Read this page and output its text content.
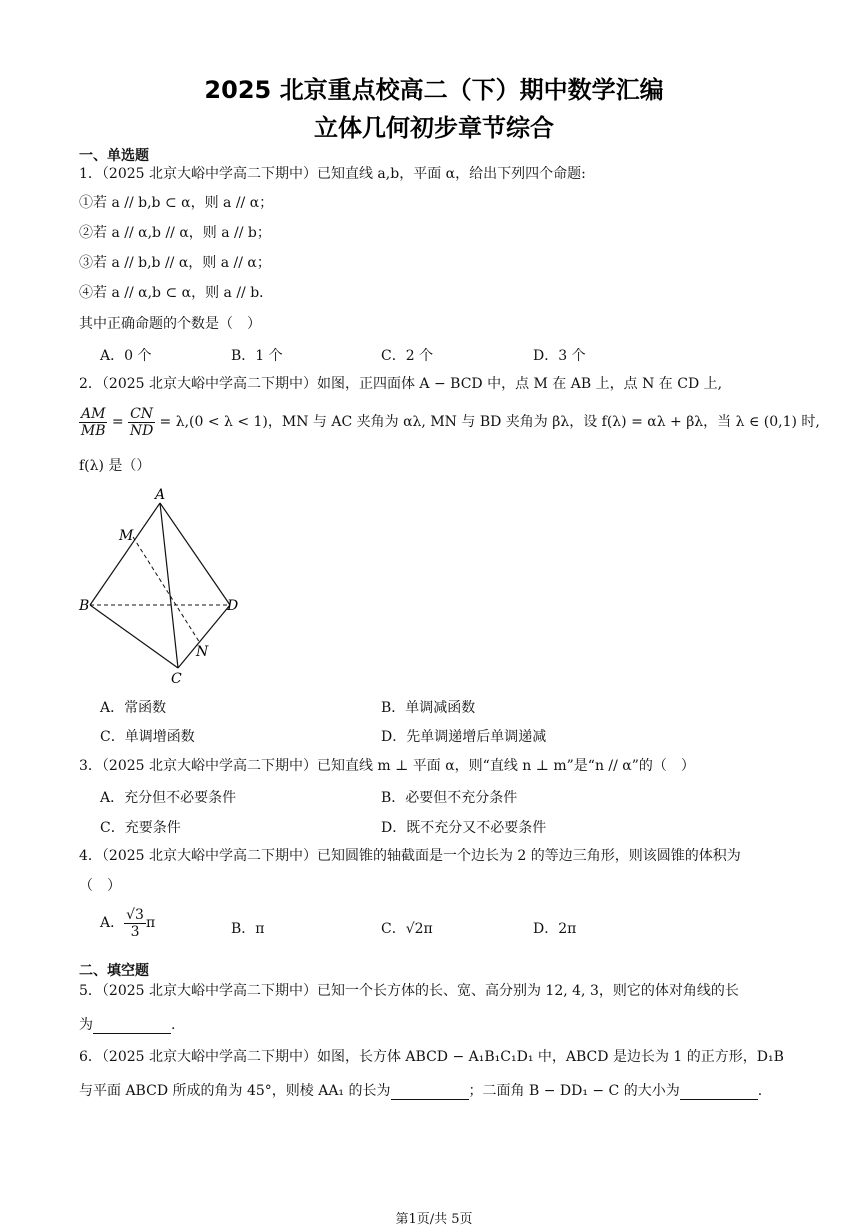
2025 北京重点校高二（下）期中数学汇编
立体几何初步章节综合
一、单选题
1．（2025 北京大峪中学高二下期中）已知直线 a,b，平面 α，给出下列四个命题:
①若 a // b,b ⊂ α，则 a // α；
②若 a // α,b // α，则 a // b；
③若 a // b,b // α，则 a // α；
④若 a // α,b ⊂ α，则 a // b．
其中正确命题的个数是（　）
A．0 个	B．1 个	C．2 个	D．3 个
2．（2025 北京大峪中学高二下期中）如图，正四面体 A − BCD 中，点 M 在 AB 上，点 N 在 CD 上,
$\frac{AM}{MB} = \frac{CN}{ND} = \lambda,(0 < \lambda < 1)$，MN 与 AC 夹角为 αλ, MN 与 BD 夹角为 βλ，设 f(λ) = αλ + βλ，当 λ ∈ (0,1) 时,
f(λ) 是（）
A
M
B	D
N
C
A．常函数	B．单调减函数
C．单调增函数	D．先单调递增后单调递减
3．（2025 北京大峪中学高二下期中）已知直线 m ⊥ 平面 α，则“直线 n ⊥ m”是“n // α”的（　）
A．充分但不必要条件	B．必要但不充分条件
C．充要条件	D．既不充分又不必要条件
4．（2025 北京大峪中学高二下期中）已知圆锥的轴截面是一个边长为 2 的等边三角形，则该圆锥的体积为
（　）
A． $\frac{√3}{3}$ π	B．π	C．√2π	D．2π
二、填空题
5．（2025 北京大峪中学高二下期中）已知一个长方体的长、宽、高分别为 12, 4, 3，则它的体对角线的长
为	.
6．（2025 北京大峪中学高二下期中）如图，长方体 ABCD − A₁B₁C₁D₁ 中，ABCD 是边长为 1 的正方形，D₁B
与平面 ABCD 所成的角为 45°，则棱 AA₁ 的长为	；二面角 B − DD₁ − C 的大小为	.
第1页/共 5页
